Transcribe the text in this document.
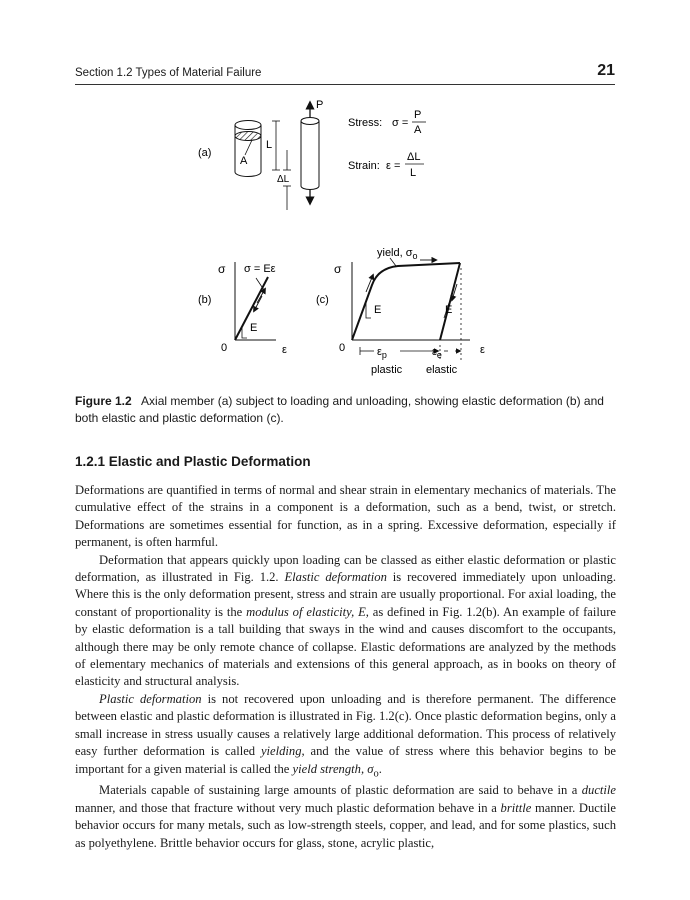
Section 1.2 Types of Material Failure	21
(a)
A
L
ΔL
P
Stress: σ =
P
A
Strain: ε =
ΔL
L
(b)
σ
0	ε
σ = Eε
E
(c)
σ
0	ε
yield, $\sigma_o$
E	E
$\varepsilon_p$	$\varepsilon_e$
plastic elastic
Figure 1.2 Axial member (a) subject to loading and unloading, showing elastic deformation (b) and both elastic and plastic deformation (c).
1.2.1 Elastic and Plastic Deformation

Deformations are quantified in terms of normal and shear strain in elementary mechanics of materials. The cumulative effect of the strains in a component is a deformation, such as a bend, twist, or stretch. Deformations are sometimes essential for function, as in a spring. Excessive deformation, especially if permanent, is often harmful.

Deformation that appears quickly upon loading can be classed as either elastic deformation or plastic deformation, as illustrated in Fig. 1.2. Elastic deformation is recovered immediately upon unloading. Where this is the only deformation present, stress and strain are usually proportional. For axial loading, the constant of proportionality is the modulus of elasticity, E, as defined in Fig. 1.2(b). An example of failure by elastic deformation is a tall building that sways in the wind and causes discomfort to the occupants, although there may be only remote chance of collapse. Elastic deformations are analyzed by the methods of elementary mechanics of materials and extensions of this general approach, as in books on theory of elasticity and structural analysis.

Plastic deformation is not recovered upon unloading and is therefore permanent. The difference between elastic and plastic deformation is illustrated in Fig. 1.2(c). Once plastic deformation begins, only a small increase in stress usually causes a relatively large additional deformation. This process of relatively easy further deformation is called yielding, and the value of stress where this behavior begins to be important for a given material is called the yield strength, $\sigma_o$.

Materials capable of sustaining large amounts of plastic deformation are said to behave in a ductile manner, and those that fracture without very much plastic deformation behave in a brittle manner. Ductile behavior occurs for many metals, such as low-strength steels, copper, and lead, and for some plastics, such as polyethylene. Brittle behavior occurs for glass, stone, acrylic plastic,
